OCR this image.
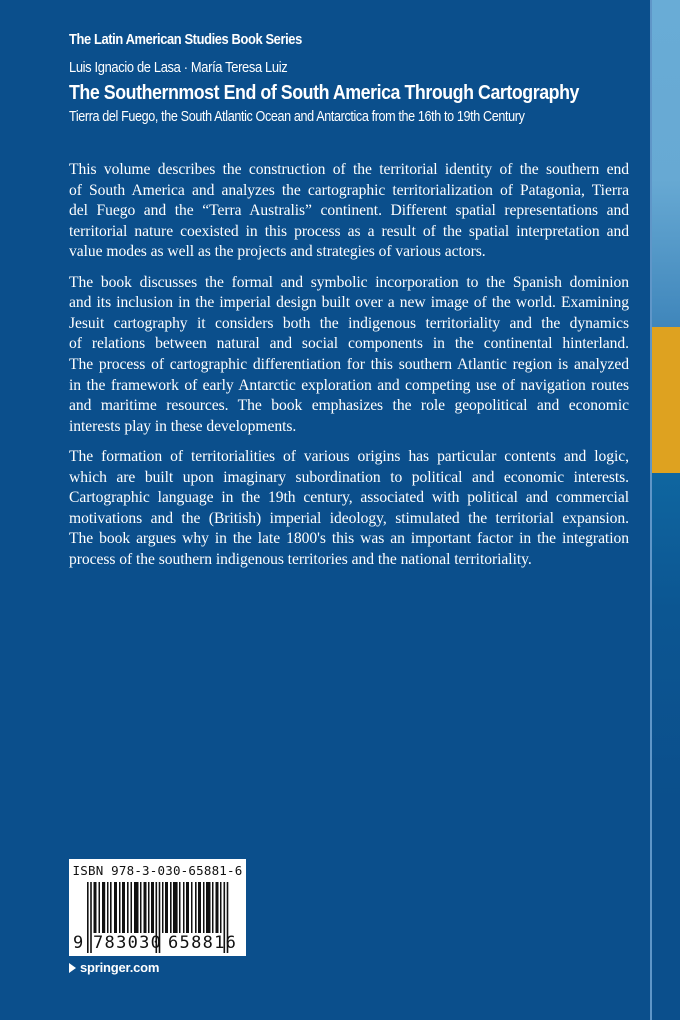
The Latin American Studies Book Series
Luis Ignacio de Lasa · María Teresa Luiz
The Southernmost End of South America Through Cartography
Tierra del Fuego, the South Atlantic Ocean and Antarctica from the 16th to 19th Century

This volume describes the construction of the territorial identity of the southern end
of South America and analyzes the cartographic territorialization of Patagonia, Tierra
del Fuego and the “Terra Australis” continent. Different spatial representations and
territorial nature coexisted in this process as a result of the spatial interpretation and
value modes as well as the projects and strategies of various actors.

The book discusses the formal and symbolic incorporation to the Spanish dominion
and its inclusion in the imperial design built over a new image of the world. Examining
Jesuit cartography it considers both the indigenous territoriality and the dynamics
of relations between natural and social components in the continental hinterland.
The process of cartographic differentiation for this southern Atlantic region is analyzed
in the framework of early Antarctic exploration and competing use of navigation routes
and maritime resources. The book emphasizes the role geopolitical and economic
interests play in these developments.

The formation of territorialities of various origins has particular contents and logic,
which are built upon imaginary subordination to political and economic interests.
Cartographic language in the 19th century, associated with political and commercial
motivations and the (British) imperial ideology, stimulated the territorial expansion.
The book argues why in the late 1800's this was an important factor in the integration
process of the southern indigenous territories and the national territoriality.

ISBN 978-3-030-65881-6
9 783030 658816
springer.com
